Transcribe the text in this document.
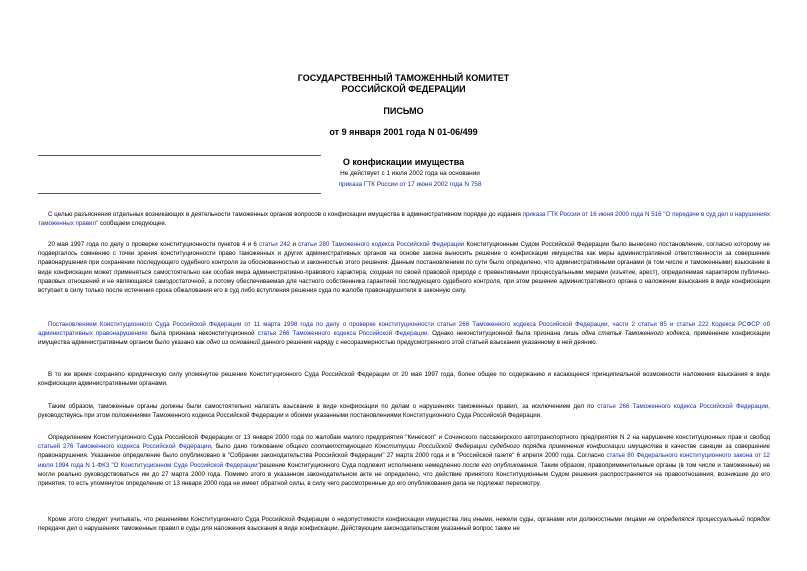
ГОСУДАРСТВЕННЫЙ ТАМОЖЕННЫЙ КОМИТЕТ
РОССИЙСКОЙ ФЕДЕРАЦИИ
ПИСЬМО
от 9 января 2001 года N 01-06/499
О конфискации имущества
Не действует с 1 июля 2002 года на основании
приказа ГТК России от 17 июня 2002 года N 758

С целью разъяснения отдельных возникающих в деятельности таможенных органов вопросов о конфискации имущества в административном порядке до издания приказа ГТК России от 16 июня 2000 года N 516 "О передаче в суд дел о нарушениях таможенных правил" сообщаем следующее.

20 мая 1997 года по делу о проверке конституционности пунктов 4 и 6 статьи 242 и статьи 280 Таможенного кодекса Российской Федерации Конституционным Судом Российской Федерации было вынесено постановление, согласно которому не подвергалось сомнению с точки зрения конституционности право таможенных и других административных органов на основе закона выносить решение о конфискации имущества как меры административной ответственности за совершение правонарушения при сохранении последующего судебного контроля за обоснованностью и законностью этого решения. Данным постановлением по сути было определено, что административными органами (в том числе и таможенными) взыскание в виде конфискации может применяться самостоятельно как особая мера административно-правового характера, сходная по своей правовой природе с превентивными процессуальными мерами (изъятие, арест), определяемая характером публично-правовых отношений и не являющаяся самодостаточной, а потому обеспечиваемая для частного собственника гарантией последующего судебного контроля, при этом решение административного органа о наложении взыскания в виде конфискации вступает в силу только после истечения срока обжалования его в суд либо вступления решения суда по жалобе правонарушителя в законную силу.

Постановлением Конституционного Суда Российской Федерации от 11 марта 1998 года по делу о проверке конституционности статьи 266 Таможенного кодекса Российской Федерации, части 2 статьи 85 и статьи 222 Кодекса РСФСР об административных правонарушениях была признана неконституционной статья 266 Таможенного кодекса Российской Федерации. Однако неконституционной была признана лишь одна статья Таможенного кодекса, применение конфискации имущества административным органом было указано как одно из оснований данного решения наряду с несоразмерностью предусмотренного этой статьей взыскания указанному в ней деянию.

В то же время сохраняло юридическую силу упомянутое решение Конституционного Суда Российской Федерации от 20 мая 1997 года, более общее по содержанию и касающееся принципиальной возможности наложения взыскания в виде конфискации административными органами.

Таким образом, таможенные органы должны были самостоятельно налагать взыскание в виде конфискации по делам о нарушениях таможенных правил, за исключением дел по статье 266 Таможенного кодекса Российской Федерации, руководствуясь при этом положениями Таможенного кодекса Российской Федерации и обоими указанными постановлениями Конституционного Суда Российской Федерации.

Определением Конституционного Суда Российской Федерации от 13 января 2000 года по жалобам малого предприятия "Кинескоп" и Сочинского пассажирского автотранспортного предприятия N 2 на нарушение конституционных прав и свобод статьей 276 Таможенного кодекса Российской Федерации, было дано толкование общего соответствующего Конституции Российской Федерации судебного порядка применения конфискации имущества в качестве санкции за совершение правонарушения. Указанное определение было опубликовано в "Собрании законодательства Российской Федерации" 27 марта 2000 года и в "Российской газете" 6 апреля 2000 года. Согласно статье 80 Федерального конституционного закона от 12 июля 1994 года N 1-ФКЗ "О Конституционном Суде Российской Федерации"решение Конституционного Суда подлежит исполнению немедленно после его опубликования. Таким образом, правоприменительные органы (в том числе и таможенные) не могли реально руководствоваться им до 27 марта 2000 года. Помимо этого в указанном законодательном акте не определено, что действие принятого Конституционным Судом решения распространяется на правоотношения, возникшие до его принятия, то есть упомянутое определение от 13 января 2000 года не имеет обратной силы, в силу чего рассмотренные до его опубликования дела не подлежат пересмотру.

Кроме этого следует учитывать, что решениями Конституционного Суда Российской Федерации о недопустимости конфискации имущества лиц иными, нежели суды, органами или должностными лицами не определялся процессуальный порядок передачи дел о нарушениях таможенных правил в суды для наложения взыскания в виде конфискации. Действующим законодательством указанный вопрос также не
